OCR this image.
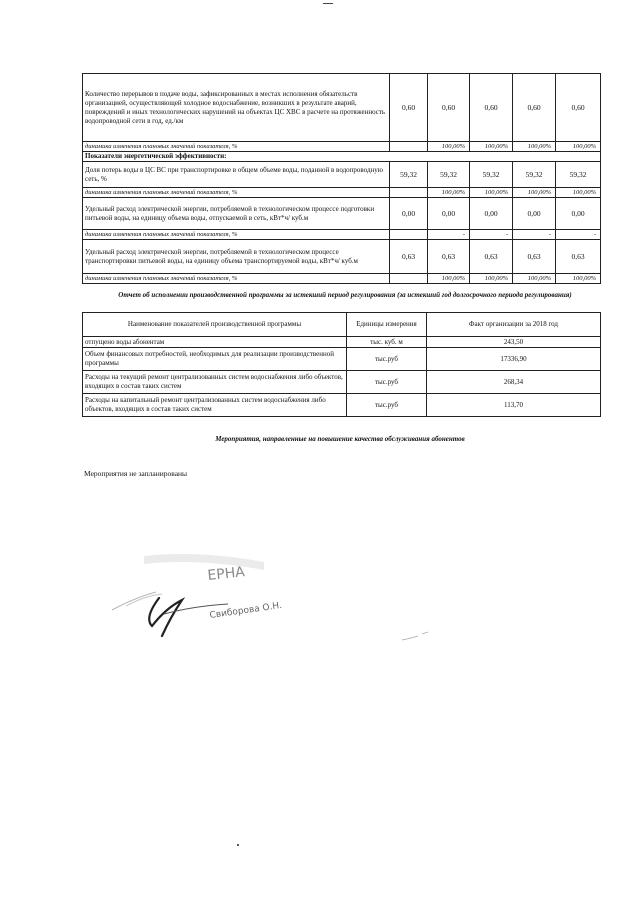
Количество перерывов в подаче воды, зафиксированных в местах исполнения обязательств организацией, осуществляющей холодное водоснабжение, возникших в результате аварий, повреждений и иных технологических нарушений на объектах ЦС ХВС в расчете на протяженность водопроводной сети в год, ед./км	0,60	0,60	0,60	0,60	0,60
динамика изменения плановых значений показателя, %		100,00%	100,00%	100,00%	100,00%
Показатели энергетической эффективности:					
Доля потерь воды в ЦС ВС при транспортировке в общем объеме воды, поданной в водопроводную сеть, %	59,32	59,32	59,32	59,32	59,32
динамика изменения плановых значений показателя, %		100,00%	100,00%	100,00%	100,00%
Удельный расход электрической энергии, потребляемой в технологическом процессе подготовки питьевой воды, на единицу объема воды, отпускаемой в сеть, кВт*ч/ куб.м	0,00	0,00	0,00	0,00	0,00
динамика изменения плановых значений показателя, %		-	-	-	-
Удельный расход электрической энергии, потребляемой в технологическом процессе транспортировки питьевой воды, на единицу объема транспортируемой воды, кВт*ч/ куб.м	0,63	0,63	0,63	0,63	0,63
динамика изменения плановых значений показателя, %		100,00%	100,00%	100,00%	100,00%
Отчет об исполнении производственной программы за истекший период регулирования (за истекший год долгосрочного периода регулирования)
Наименование показателей производственной программы	Единицы измерения	Факт организации за 2018 год
отпущено воды абонентам	тыс. куб. м	243,50
Объем финансовых потребностей, необходимых для реализации производственной программы	тыс.руб	17336,90
Расходы на текущий ремонт централизованных систем водоснабжения либо объектов, входящих в состав таких систем	тыс.руб	268,34
Расходы на капитальный ремонт централизованных систем водоснабжения либо объектов, входящих в состав таких систем	тыс.руб	113,70
Мероприятия, направленные на повышение качества обслуживания абонентов
Мероприятия не запланированы
ЕРНА
Свиборова О.Н.
